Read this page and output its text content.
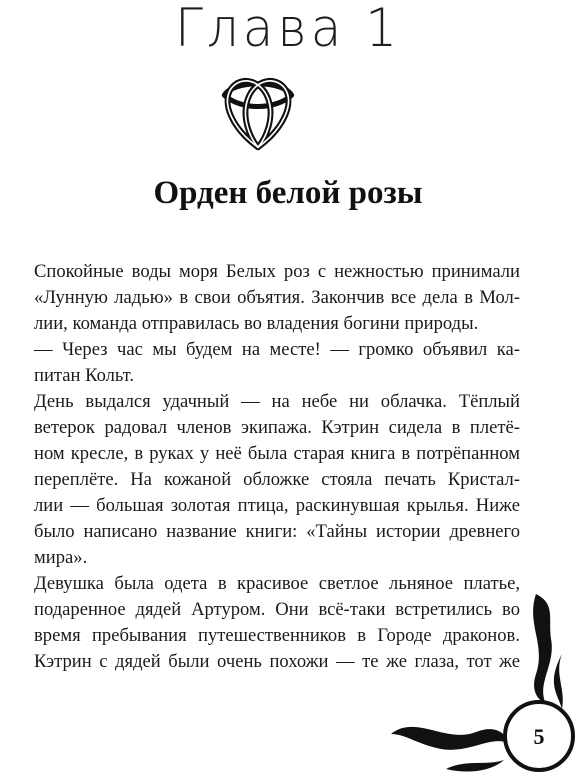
Глава 1
Орден белой розы
Спокойные воды моря Белых роз с нежностью принимали
«Лунную ладью» в свои объятия. Закончив все дела в Мол-
лии, команда отправилась во владения богини природы.
— Через час мы будем на месте! — громко объявил ка-
питан Кольт.
День выдался удачный — на небе ни облачка. Тёплый
ветерок радовал членов экипажа. Кэтрин сидела в плетё-
ном кресле, в руках у неё была старая книга в потрёпанном
переплёте. На кожаной обложке стояла печать Кристал-
лии — большая золотая птица, раскинувшая крылья. Ниже
было написано название книги: «Тайны истории древнего
мира».
Девушка была одета в красивое светлое льняное платье,
подаренное дядей Артуром. Они всё-таки встретились во
время пребывания путешественников в Городе драконов.
Кэтрин с дядей были очень похожи — те же глаза, тот же
5
